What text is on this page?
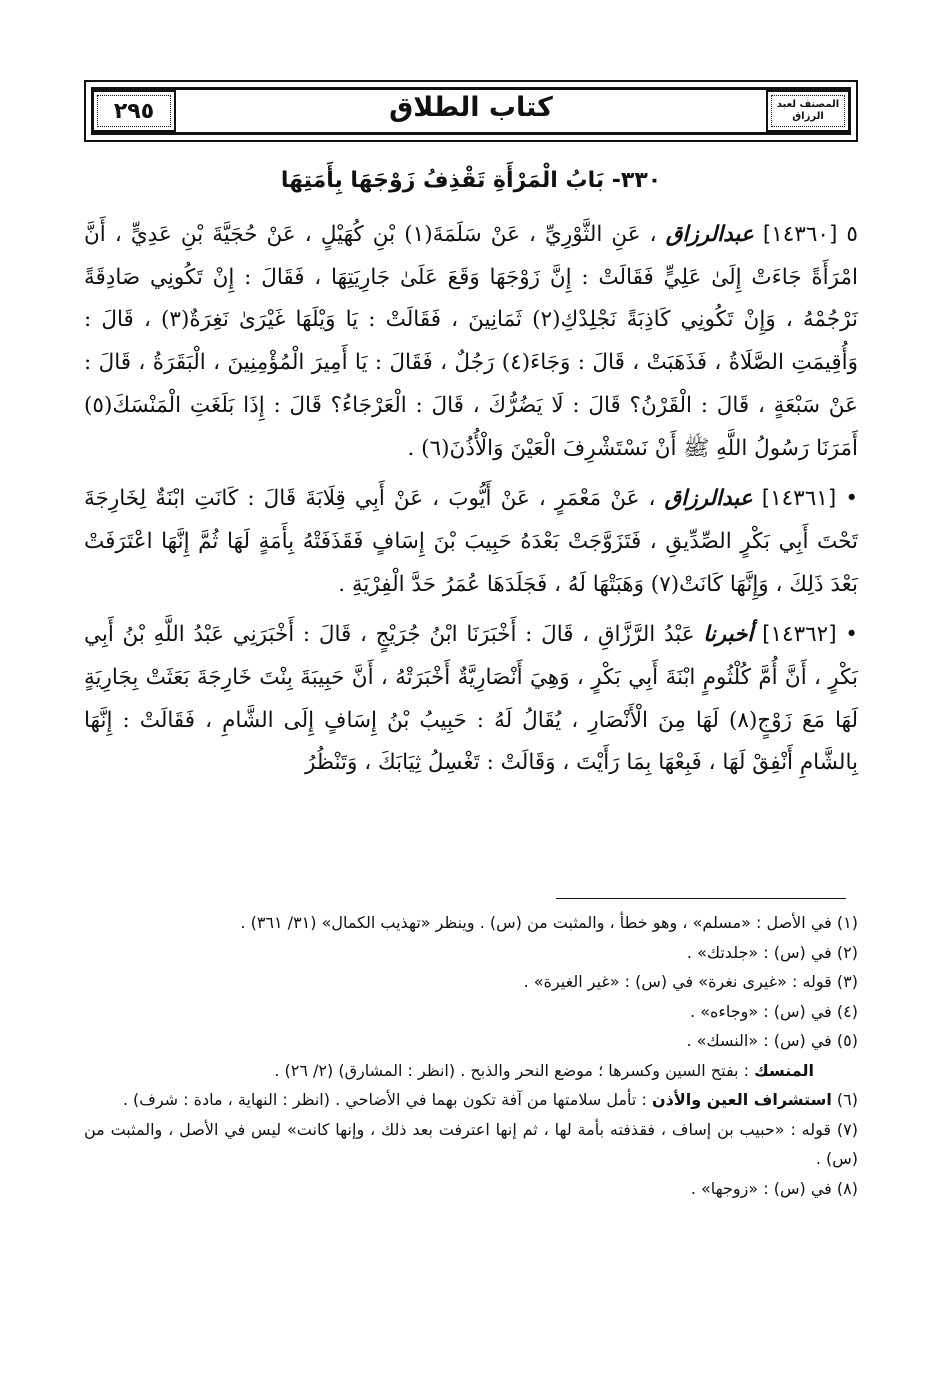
٢٩٥	كتاب الطلاق	المصنف لعبد الرزاق
٣٣٠- بَابُ الْمَرْأَةِ تَقْذِفُ زَوْجَهَا بِأَمَتِهَا

٥ [١٤٣٦٠] عبدالرزاق ، عَنِ الثَّوْرِيِّ ، عَنْ سَلَمَةَ(١) بْنِ كُهَيْلٍ ، عَنْ حُجَيَّةَ بْنِ عَدِيٍّ ، أَنَّ امْرَأَةً جَاءَتْ إِلَىٰ عَلِيٍّ فَقَالَتْ : إِنَّ زَوْجَهَا وَقَعَ عَلَىٰ جَارِيَتِهَا ، فَقَالَ : إِنْ تَكُونِي صَادِقَةً نَرْجُمْهُ ، وَإِنْ تَكُونِي كَاذِبَةً نَجْلِدْكِ(٢) ثَمَانِينَ ، فَقَالَتْ : يَا وَيْلَهَا غَيْرَىٰ نَغِرَةٌ(٣) ، قَالَ : وَأُقِيمَتِ الصَّلَاةُ ، فَذَهَبَتْ ، قَالَ : وَجَاءَ(٤) رَجُلٌ ، فَقَالَ : يَا أَمِيرَ الْمُؤْمِنِينَ ، الْبَقَرَةُ ، قَالَ : عَنْ سَبْعَةٍ ، قَالَ : الْقَرْنُ؟ قَالَ : لَا يَضُرُّكَ ، قَالَ : الْعَرْجَاءُ؟ قَالَ : إِذَا بَلَغَتِ الْمَنْسَكَ(٥) أَمَرَنَا رَسُولُ اللَّهِ ﷺ أَنْ نَسْتَشْرِفَ الْعَيْنَ وَالْأُذُنَ(٦) .

• [١٤٣٦١] عبدالرزاق ، عَنْ مَعْمَرٍ ، عَنْ أَيُّوبَ ، عَنْ أَبِي قِلَابَةَ قَالَ : كَانَتِ ابْنَةٌ لِخَارِجَةَ تَحْتَ أَبِي بَكْرٍ الصِّدِّيقِ ، فَتَزَوَّجَتْ بَعْدَهُ حَبِيبَ بْنَ إِسَافٍ فَقَذَفَتْهُ بِأَمَةٍ لَهَا ثُمَّ إِنَّهَا اعْتَرَفَتْ بَعْدَ ذَلِكَ ، وَإِنَّهَا كَانَتْ(٧) وَهَبَتْهَا لَهُ ، فَجَلَدَهَا عُمَرُ حَدَّ الْفِرْيَةِ .

• [١٤٣٦٢] أخبرنا عَبْدُ الرَّزَّاقِ ، قَالَ : أَخْبَرَنَا ابْنُ جُرَيْجٍ ، قَالَ : أَخْبَرَنِي عَبْدُ اللَّهِ بْنُ أَبِي بَكْرٍ ، أَنَّ أُمَّ كُلْثُومٍ ابْنَةَ أَبِي بَكْرٍ ، وَهِيَ أَنْصَارِيَّةٌ أَخْبَرَتْهُ ، أَنَّ حَبِيبَةَ بِنْتَ خَارِجَةَ بَعَثَتْ بِجَارِيَةٍ لَهَا مَعَ زَوْجٍ(٨) لَهَا مِنَ الْأَنْصَارِ ، يُقَالُ لَهُ : حَبِيبُ بْنُ إِسَافٍ إِلَى الشَّامِ ، فَقَالَتْ : إِنَّهَا بِالشَّامِ أَنْفِقْ لَهَا ، فَبِعْهَا بِمَا رَأَيْتَ ، وَقَالَتْ : تَغْسِلُ ثِيَابَكَ ، وَتَنْظُرُ

(١) في الأصل : «مسلم» ، وهو خطأ ، والمثبت من (س) . وينظر «تهذيب الكمال» (٣١/ ٣٦١) .

(٢) في (س) : «جلدتك» .

(٣) قوله : «غيرى نغرة» في (س) : «غير الغيرة» .

(٤) في (س) : «وجاءه» .

(٥) في (س) : «النسك» .

المنسك : بفتح السين وكسرها ؛ موضع النحر والذبح . (انظر : المشارق) (٢/ ٢٦) .

(٦) استشراف العين والأذن : تأمل سلامتها من آفة تكون بهما في الأضاحي . (انظر : النهاية ، مادة : شرف) .

(٧) قوله : «حبيب بن إساف ، فقذفته بأمة لها ، ثم إنها اعترفت بعد ذلك ، وإنها كانت» ليس في الأصل ، والمثبت من (س) .

(٨) في (س) : «زوجها» .
